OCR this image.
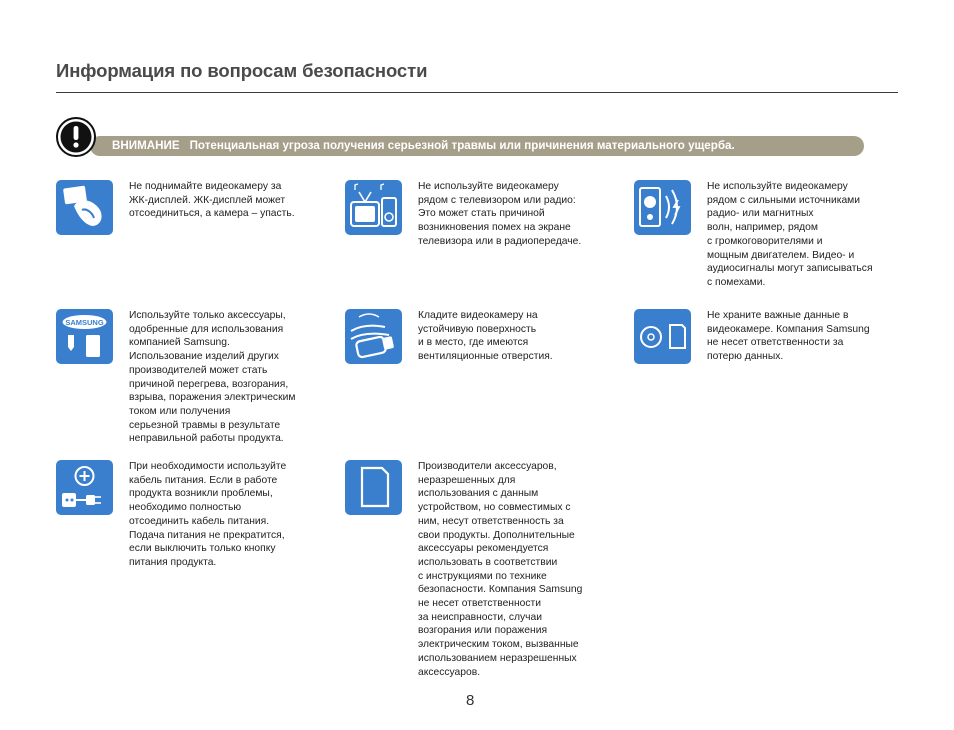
Информация по вопросам безопасности
ВНИМАНИЕ Потенциальная угроза получения серьезной травмы или причинения материального ущерба.
Не поднимайте видеокамеру за
ЖК-дисплей. ЖК-дисплей может
отсоединиться, а камера – упасть.
Не используйте видеокамеру
рядом с телевизором или радио:
Это может стать причиной
возникновения помех на экране
телевизора или в радиопередаче.
Не используйте видеокамеру
рядом с сильными источниками
радио- или магнитных
волн, например, рядом
с громкоговорителями и
мощным двигателем. Видео- и
аудиосигналы могут записываться
с помехами.
SAMSUNG
Используйте только аксессуары,
одобренные для использования
компанией Samsung.
Использование изделий других
производителей может стать
причиной перегрева, возгорания,
взрыва, поражения электрическим
током или получения
серьезной травмы в результате
неправильной работы продукта.
Кладите видеокамеру на
устойчивую поверхность
и в место, где имеются
вентиляционные отверстия.
Не храните важные данные в
видеокамере. Компания Samsung
не несет ответственности за
потерю данных.
При необходимости используйте
кабель питания. Если в работе
продукта возникли проблемы,
необходимо полностью
отсоединить кабель питания.
Подача питания не прекратится,
если выключить только кнопку
питания продукта.
Производители аксессуаров,
неразрешенных для
использования с данным
устройством, но совместимых с
ним, несут ответственность за
свои продукты. Дополнительные
аксессуары рекомендуется
использовать в соответствии
с инструкциями по технике
безопасности. Компания Samsung
не несет ответственности
за неисправности, случаи
возгорания или поражения
электрическим током, вызванные
использованием неразрешенных
аксессуаров.
8
